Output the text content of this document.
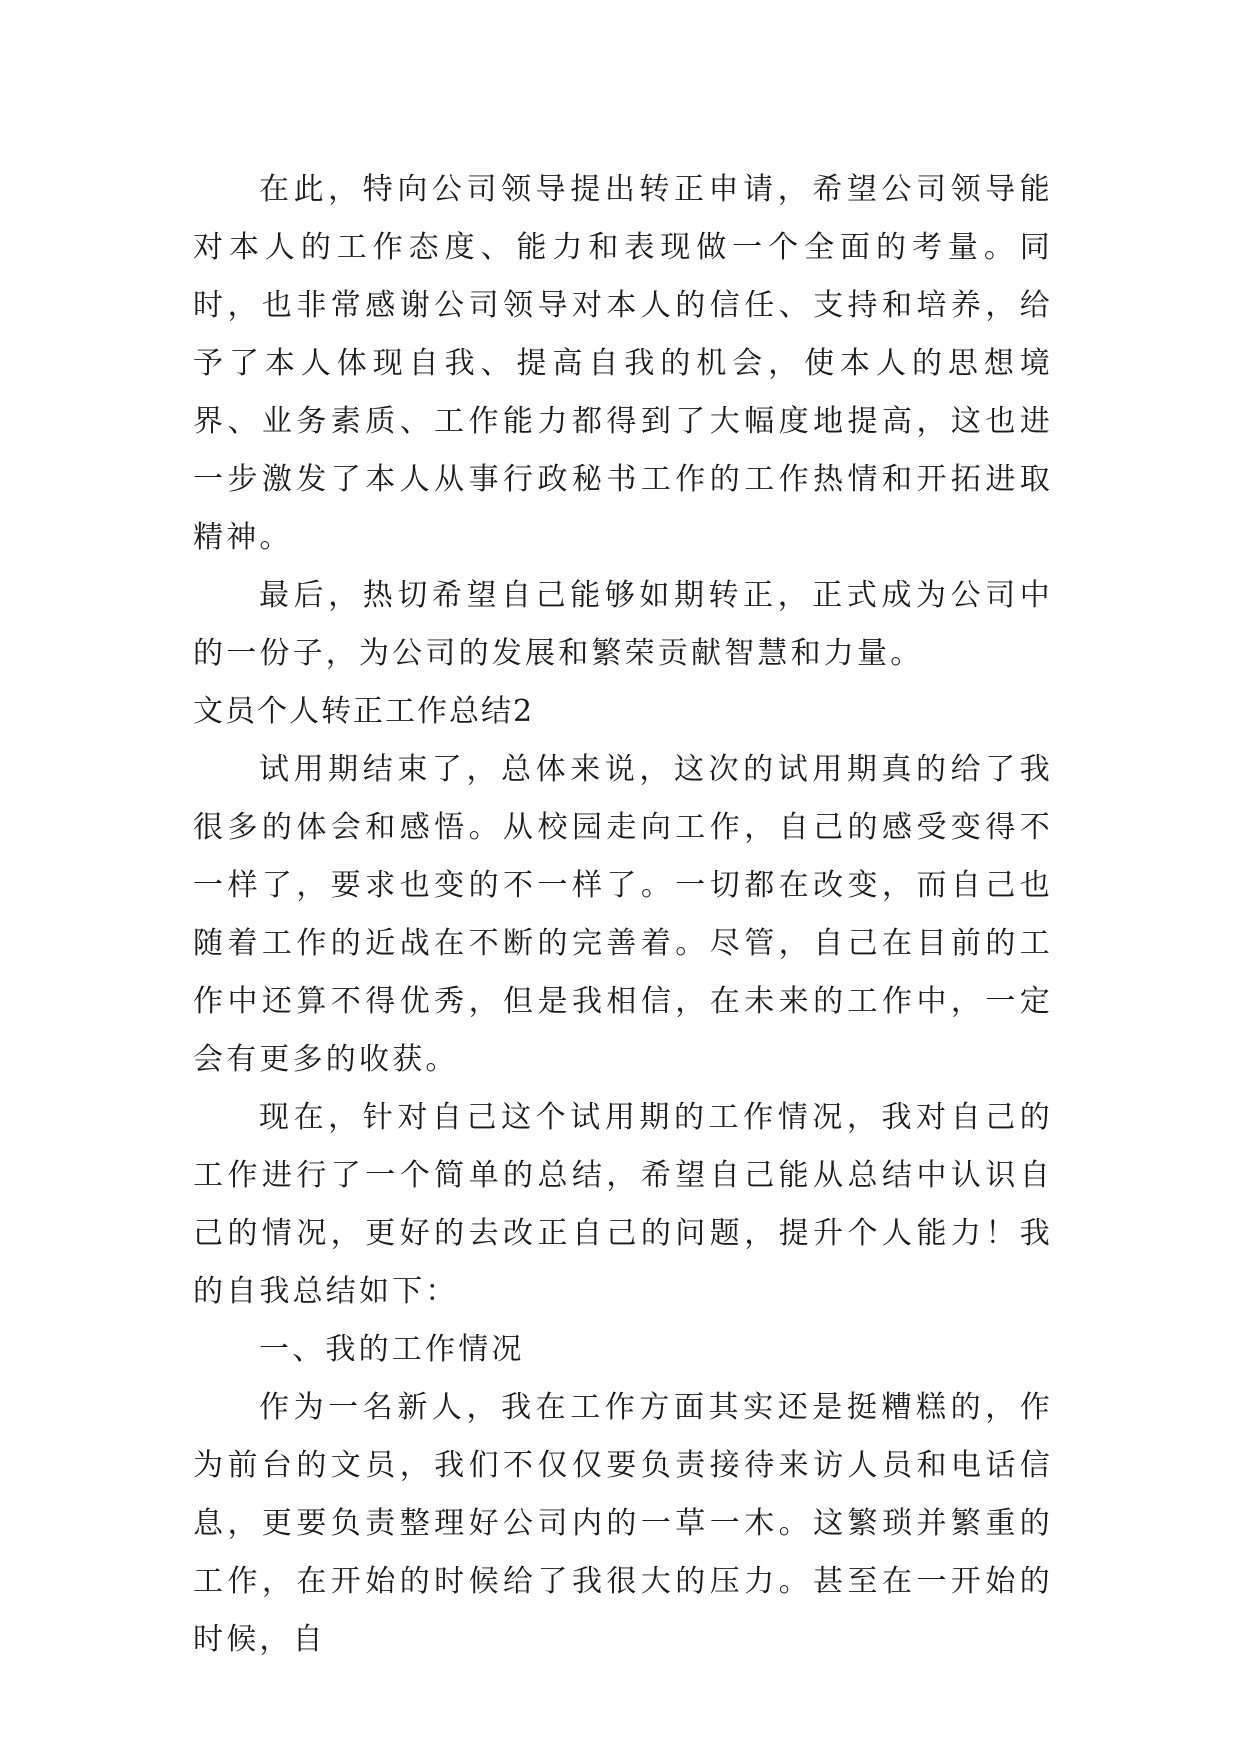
在此，特向公司领导提出转正申请，希望公司领导能对本人的工作态度、能力和表现做一个全面的考量。同时，也非常感谢公司领导对本人的信任、支持和培养，给予了本人体现自我、提高自我的机会，使本人的思想境界、业务素质、工作能力都得到了大幅度地提高，这也进一步激发了本人从事行政秘书工作的工作热情和开拓进取精神。

最后，热切希望自己能够如期转正，正式成为公司中的一份子，为公司的发展和繁荣贡献智慧和力量。

文员个人转正工作总结2

试用期结束了，总体来说，这次的试用期真的给了我很多的体会和感悟。从校园走向工作，自己的感受变得不一样了，要求也变的不一样了。一切都在改变，而自己也随着工作的近战在不断的完善着。尽管，自己在目前的工作中还算不得优秀，但是我相信，在未来的工作中，一定会有更多的收获。

现在，针对自己这个试用期的工作情况，我对自己的工作进行了一个简单的总结，希望自己能从总结中认识自己的情况，更好的去改正自己的问题，提升个人能力！我的自我总结如下：

一、我的工作情况

作为一名新人，我在工作方面其实还是挺糟糕的，作为前台的文员，我们不仅仅要负责接待来访人员和电话信息，更要负责整理好公司内的一草一木。这繁琐并繁重的工作，在开始的时候给了我很大的压力。甚至在一开始的时候，自
